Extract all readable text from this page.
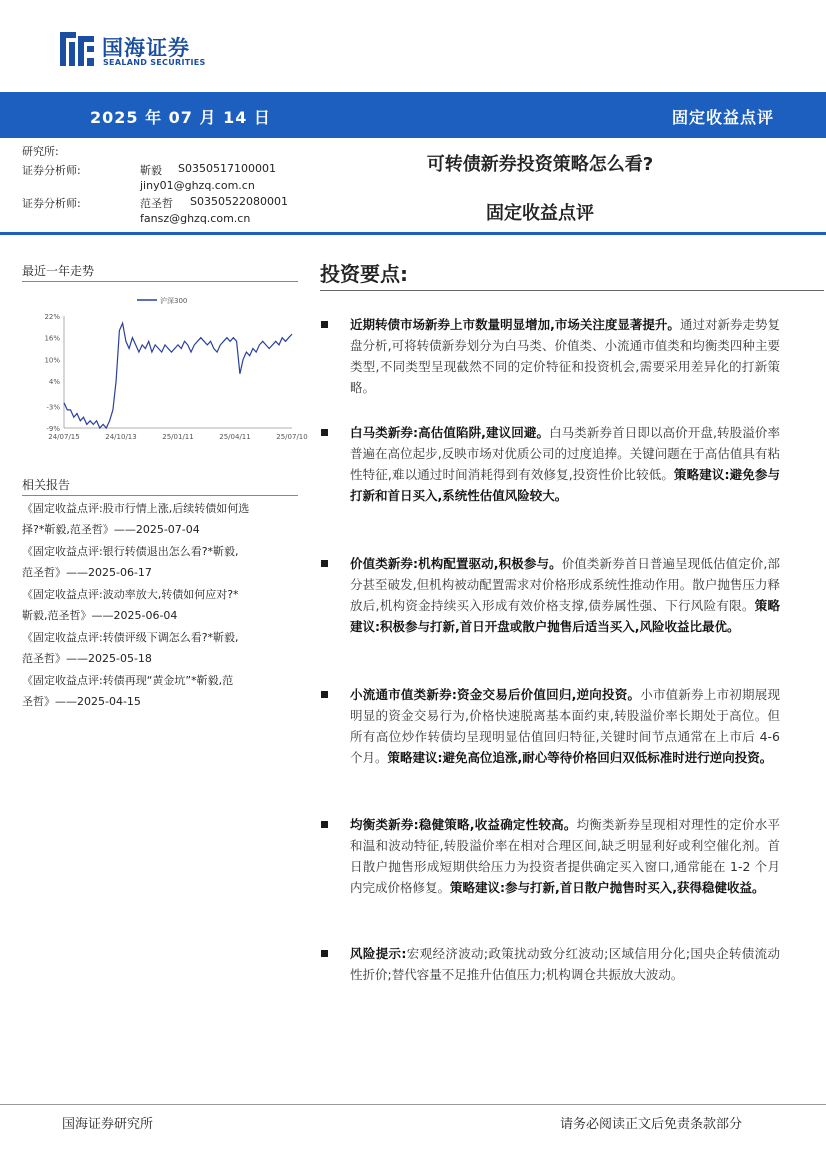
国海证券
SEALAND SECURITIES
2025 年 07 月 14 日	固定收益点评
研究所:
证券分析师:	靳毅 S0350517100001
jiny01@ghzq.com.cn
证券分析师:	范圣哲 S0350522080001
fansz@ghzq.com.cn
可转债新券投资策略怎么看?
固定收益点评
最近一年走势
22%
16%
10%
4%
-3%
-9%
24/07/15	24/10/13	25/01/11	25/04/11	25/07/10
沪深300
相关报告
《固定收益点评:股市行情上涨,后续转债如何选
择?*靳毅,范圣哲》——2025-07-04
《固定收益点评:银行转债退出怎么看?*靳毅,
范圣哲》——2025-06-17
《固定收益点评:波动率放大,转债如何应对?*
靳毅,范圣哲》——2025-06-04
《固定收益点评:转债评级下调怎么看?*靳毅,
范圣哲》——2025-05-18
《固定收益点评:转债再现“黄金坑”*靳毅,范
圣哲》——2025-04-15
投资要点:
近期转债市场新券上市数量明显增加,市场关注度显著提升。通过对新券走势复盘分析,可将转债新券划分为白马类、价值类、小流通市值类和均衡类四种主要类型,不同类型呈现截然不同的定价特征和投资机会,需要采用差异化的打新策略。
白马类新券:高估值陷阱,建议回避。白马类新券首日即以高价开盘,转股溢价率普遍在高位起步,反映市场对优质公司的过度追捧。关键问题在于高估值具有粘性特征,难以通过时间消耗得到有效修复,投资性价比较低。策略建议:避免参与打新和首日买入,系统性估值风险较大。
价值类新券:机构配置驱动,积极参与。价值类新券首日普遍呈现低估值定价,部分甚至破发,但机构被动配置需求对价格形成系统性推动作用。散户抛售压力释放后,机构资金持续买入形成有效价格支撑,债券属性强、下行风险有限。策略建议:积极参与打新,首日开盘或散户抛售后适当买入,风险收益比最优。
小流通市值类新券:资金交易后价值回归,逆向投资。小市值新券上市初期展现明显的资金交易行为,价格快速脱离基本面约束,转股溢价率长期处于高位。但所有高位炒作转债均呈现明显估值回归特征,关键时间节点通常在上市后 4-6 个月。策略建议:避免高位追涨,耐心等待价格回归双低标准时进行逆向投资。
均衡类新券:稳健策略,收益确定性较高。均衡类新券呈现相对理性的定价水平和温和波动特征,转股溢价率在相对合理区间,缺乏明显利好或利空催化剂。首日散户抛售形成短期供给压力为投资者提供确定买入窗口,通常能在 1-2 个月内完成价格修复。策略建议:参与打新,首日散户抛售时买入,获得稳健收益。
风险提示:宏观经济波动;政策扰动致分红波动;区域信用分化;国央企转债流动性折价;替代容量不足推升估值压力;机构调仓共振放大波动。
国海证券研究所	请务必阅读正文后免责条款部分
